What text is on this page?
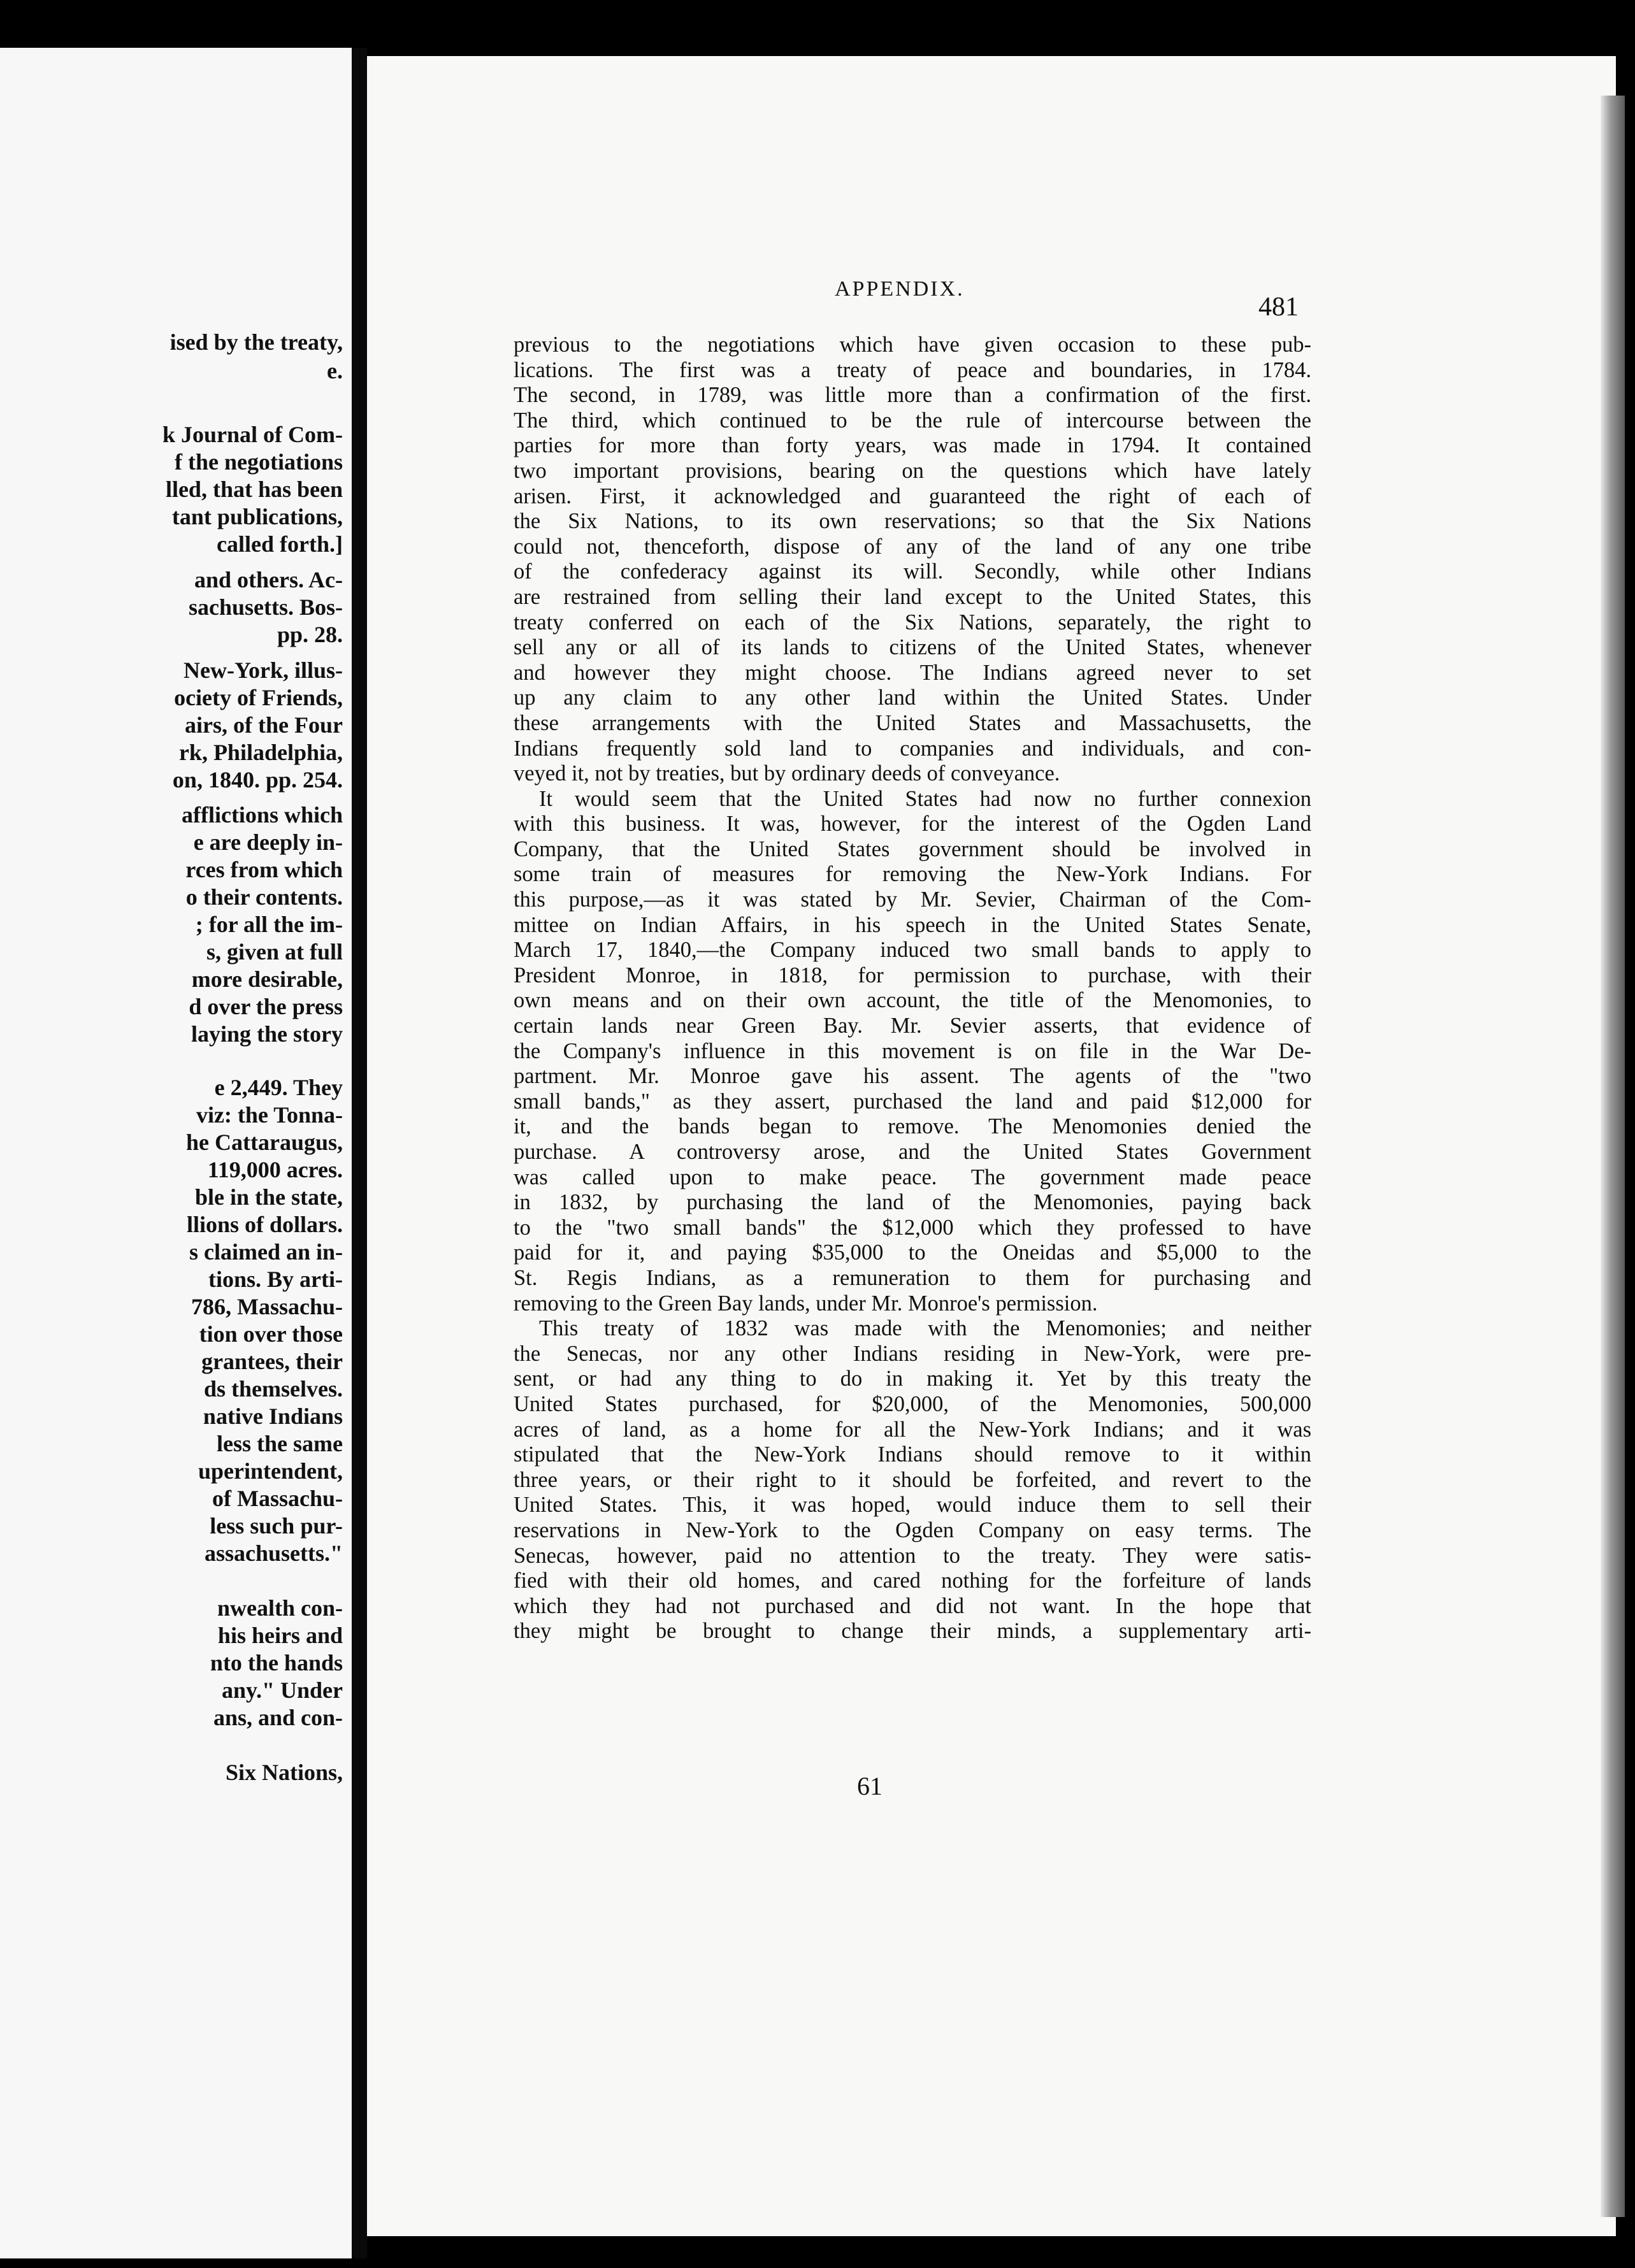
ised by the treaty,
e.
k Journal of Com-
f the negotiations
lled, that has been
tant publications,
called forth.]
and others. Ac-
sachusetts. Bos-
pp. 28.
New-York, illus-
ociety of Friends,
airs, of the Four
rk, Philadelphia,
on, 1840. pp. 254.
afflictions which
e are deeply in-
rces from which
o their contents.
; for all the im-
s, given at full
more desirable,
d over the press
laying the story
e 2,449. They
viz: the Tonna-
he Cattaraugus,
119,000 acres.
ble in the state,
llions of dollars.
s claimed an in-
tions. By arti-
786, Massachu-
tion over those
grantees, their
ds themselves.
native Indians
less the same
uperintendent,
of Massachu-
less such pur-
assachusetts."
nwealth con-
his heirs and
nto the hands
any." Under
ans, and con-
Six Nations,
APPENDIX.
481
previous to the negotiations which have given occasion to these pub-
lications. The first was a treaty of peace and boundaries, in 1784.
The second, in 1789, was little more than a confirmation of the first.
The third, which continued to be the rule of intercourse between the
parties for more than forty years, was made in 1794. It contained
two important provisions, bearing on the questions which have lately
arisen. First, it acknowledged and guaranteed the right of each of
the Six Nations, to its own reservations; so that the Six Nations
could not, thenceforth, dispose of any of the land of any one tribe
of the confederacy against its will. Secondly, while other Indians
are restrained from selling their land except to the United States, this
treaty conferred on each of the Six Nations, separately, the right to
sell any or all of its lands to citizens of the United States, whenever
and however they might choose. The Indians agreed never to set
up any claim to any other land within the United States. Under
these arrangements with the United States and Massachusetts, the
Indians frequently sold land to companies and individuals, and con-
veyed it, not by treaties, but by ordinary deeds of conveyance.
It would seem that the United States had now no further connexion
with this business. It was, however, for the interest of the Ogden Land
Company, that the United States government should be involved in
some train of measures for removing the New-York Indians. For
this purpose,—as it was stated by Mr. Sevier, Chairman of the Com-
mittee on Indian Affairs, in his speech in the United States Senate,
March 17, 1840,—the Company induced two small bands to apply to
President Monroe, in 1818, for permission to purchase, with their
own means and on their own account, the title of the Menomonies, to
certain lands near Green Bay. Mr. Sevier asserts, that evidence of
the Company's influence in this movement is on file in the War De-
partment. Mr. Monroe gave his assent. The agents of the "two
small bands," as they assert, purchased the land and paid $12,000 for
it, and the bands began to remove. The Menomonies denied the
purchase. A controversy arose, and the United States Government
was called upon to make peace. The government made peace
in 1832, by purchasing the land of the Menomonies, paying back
to the "two small bands" the $12,000 which they professed to have
paid for it, and paying $35,000 to the Oneidas and $5,000 to the
St. Regis Indians, as a remuneration to them for purchasing and
removing to the Green Bay lands, under Mr. Monroe's permission.
This treaty of 1832 was made with the Menomonies; and neither
the Senecas, nor any other Indians residing in New-York, were pre-
sent, or had any thing to do in making it. Yet by this treaty the
United States purchased, for $20,000, of the Menomonies, 500,000
acres of land, as a home for all the New-York Indians; and it was
stipulated that the New-York Indians should remove to it within
three years, or their right to it should be forfeited, and revert to the
United States. This, it was hoped, would induce them to sell their
reservations in New-York to the Ogden Company on easy terms. The
Senecas, however, paid no attention to the treaty. They were satis-
fied with their old homes, and cared nothing for the forfeiture of lands
which they had not purchased and did not want. In the hope that
they might be brought to change their minds, a supplementary arti-
61
